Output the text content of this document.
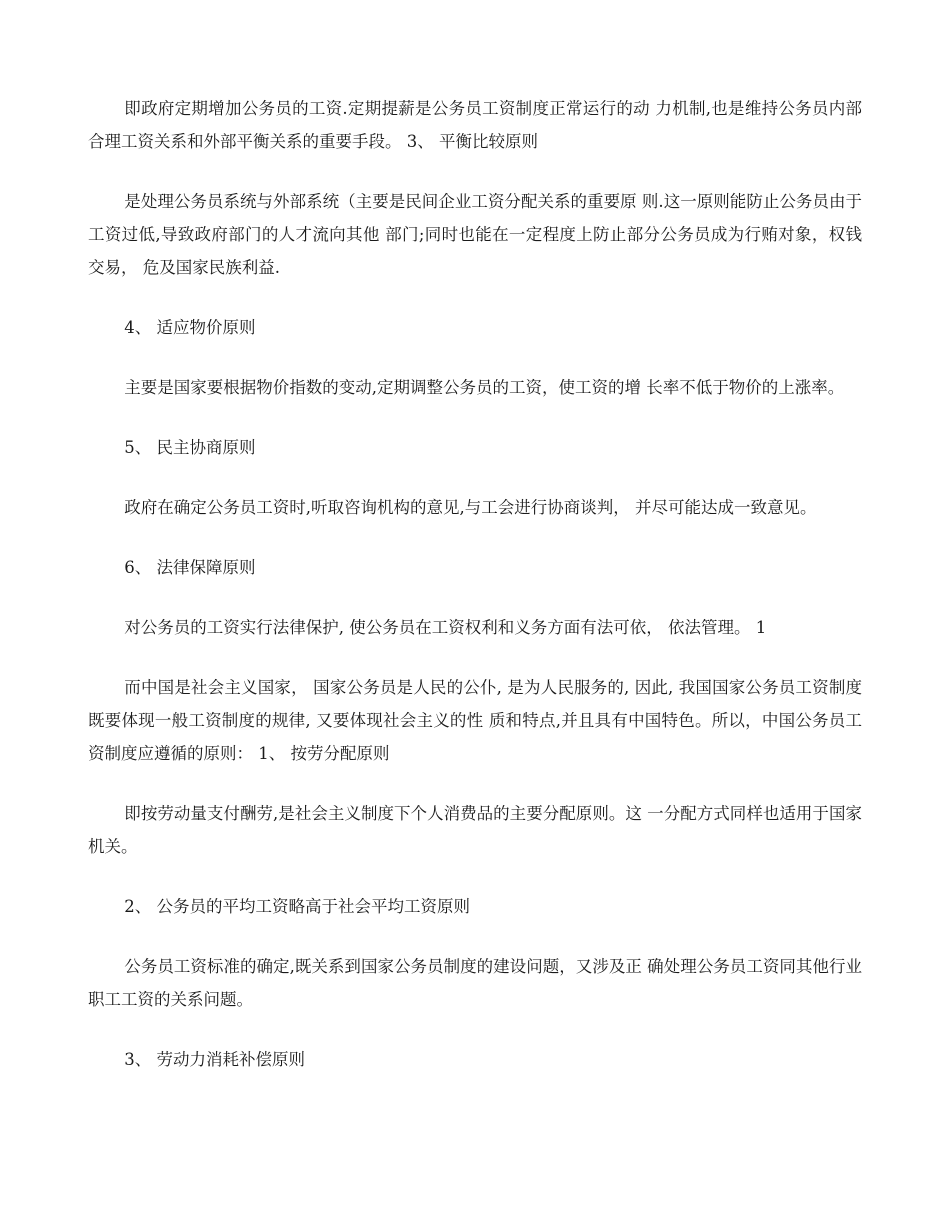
即政府定期增加公务员的工资.定期提薪是公务员工资制度正常运行的动 力机制,也是维持公务员内部合理工资关系和外部平衡关系的重要手段。 3、 平衡比较原则

是处理公务员系统与外部系统（主要是民间企业工资分配关系的重要原 则.这一原则能防止公务员由于工资过低,导致政府部门的人才流向其他 部门;同时也能在一定程度上防止部分公务员成为行贿对象，权钱交易， 危及国家民族利益.

4、 适应物价原则

主要是国家要根据物价指数的变动,定期调整公务员的工资，使工资的增 长率不低于物价的上涨率。

5、 民主协商原则

政府在确定公务员工资时,听取咨询机构的意见,与工会进行协商谈判， 并尽可能达成一致意见。

6、 法律保障原则

对公务员的工资实行法律保护, 使公务员在工资权利和义务方面有法可依， 依法管理。 1

而中国是社会主义国家， 国家公务员是人民的公仆, 是为人民服务的, 因此, 我国国家公务员工资制度既要体现一般工资制度的规律, 又要体现社会主义的性 质和特点,并且具有中国特色。所以，中国公务员工资制度应遵循的原则： 1、 按劳分配原则

即按劳动量支付酬劳,是社会主义制度下个人消费品的主要分配原则。这 一分配方式同样也适用于国家机关。

2、 公务员的平均工资略高于社会平均工资原则

公务员工资标准的确定,既关系到国家公务员制度的建设问题，又涉及正 确处理公务员工资同其他行业职工工资的关系问题。

3、 劳动力消耗补偿原则
